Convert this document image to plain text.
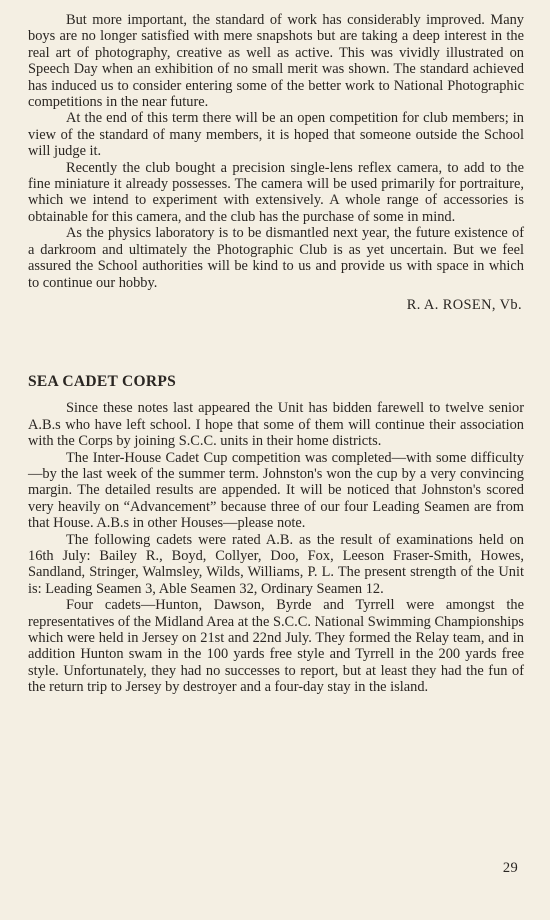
But more important, the standard of work has considerably improved. Many boys are no longer satisfied with mere snapshots but are taking a deep interest in the real art of photography, creative as well as active. This was vividly illustrated on Speech Day when an exhibition of no small merit was shown. The standard achieved has induced us to consider entering some of the better work to National Photographic competitions in the near future.

At the end of this term there will be an open competition for club members; in view of the standard of many members, it is hoped that someone outside the School will judge it.

Recently the club bought a precision single-lens reflex camera, to add to the fine miniature it already possesses. The camera will be used primarily for portraiture, which we intend to experiment with extensively. A whole range of accessories is obtainable for this camera, and the club has the purchase of some in mind.

As the physics laboratory is to be dismantled next year, the future existence of a darkroom and ultimately the Photographic Club is as yet uncertain. But we feel assured the School authorities will be kind to us and provide us with space in which to continue our hobby.

R. A. ROSEN, Vb.
SEA CADET CORPS

Since these notes last appeared the Unit has bidden farewell to twelve senior A.B.s who have left school. I hope that some of them will continue their association with the Corps by joining S.C.C. units in their home districts.

The Inter-House Cadet Cup competition was completed—with some difficulty—by the last week of the summer term. Johnston's won the cup by a very convincing margin. The detailed results are appended. It will be noticed that Johnston's scored very heavily on “Advancement” because three of our four Leading Seamen are from that House. A.B.s in other Houses—please note.

The following cadets were rated A.B. as the result of examinations held on 16th July: Bailey R., Boyd, Collyer, Doo, Fox, Leeson Fraser-Smith, Howes, Sandland, Stringer, Walmsley, Wilds, Williams, P. L. The present strength of the Unit is: Leading Seamen 3, Able Seamen 32, Ordinary Seamen 12.

Four cadets—Hunton, Dawson, Byrde and Tyrrell were amongst the representatives of the Midland Area at the S.C.C. National Swimming Championships which were held in Jersey on 21st and 22nd July. They formed the Relay team, and in addition Hunton swam in the 100 yards free style and Tyrrell in the 200 yards free style. Unfortunately, they had no successes to report, but at least they had the fun of the return trip to Jersey by destroyer and a four-day stay in the island.

29
